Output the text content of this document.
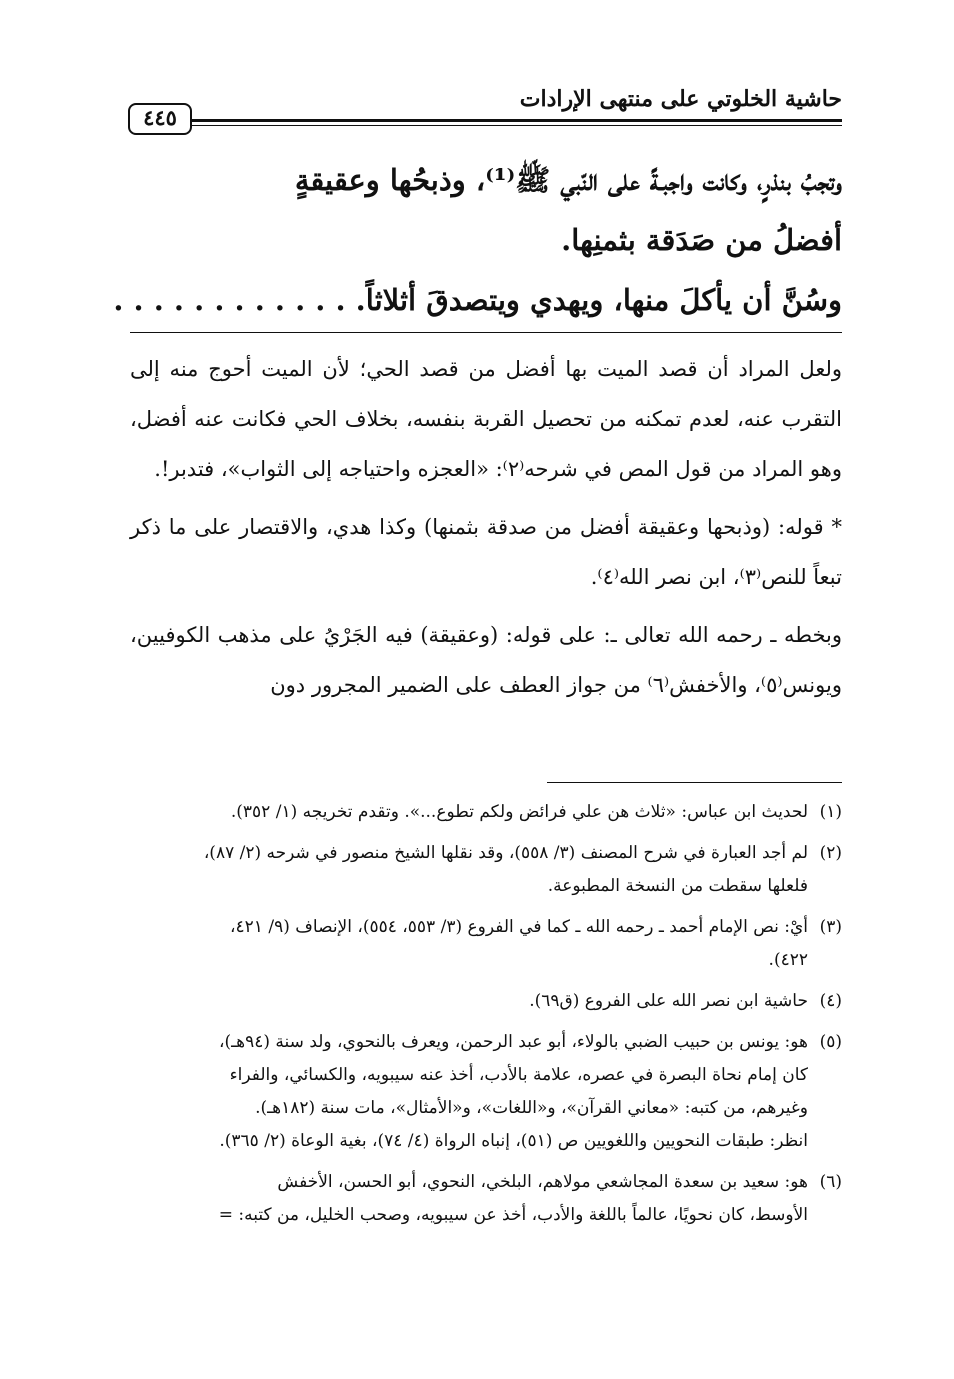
حاشية الخلوتي على منتهى الإرادات
٤٤٥
وتجبُ بنذرٍ، وكانت واجبـةً على النّبي ﷺ⁽¹⁾، وذبحُها وعقيقةٍ
أفضلُ من صَدَقة بثمنِها.
وسُنَّ أن يأكلَ منها، ويهدي ويتصدقَ أثلاثاً. . . . . . . . . . . . .

ولعل المراد أن قصد الميت بها أفضل من قصد الحي؛ لأن الميت أحوج منه إلى التقرب عنه، لعدم تمكنه من تحصيل القربة بنفسه، بخلاف الحي فكانت عنه أفضل، وهو المراد من قول المص في شرحه⁽٢⁾: «العجزه واحتياجه إلى الثواب»، فتدبر!.

* قوله: (وذبحها وعقيقة أفضل من صدقة بثمنها) وكذا هدي، والاقتصار على ما ذكر تبعاً للنص⁽٣⁾، ابن نصر الله⁽٤⁾.

وبخطه ـ رحمه الله تعالى ـ: على قوله: (وعقيقة) فيه الجَرْيُ على مذهب الكوفيين، ويونس⁽٥⁾، والأخفش⁽٦⁾ من جواز العطف على الضمير المجرور دون

(١)
لحديث ابن عباس: «ثلاث هن علي فرائض ولكم تطوع...». وتقدم تخريجه (١/ ٣٥٢).
(٢)
لم أجد العبارة في شرح المصنف (٣/ ٥٥٨)، وقد نقلها الشيخ منصور في شرحه (٢/ ٨٧)،
فلعلها سقطت من النسخة المطبوعة.
(٣)
أيْ: نص الإمام أحمد ـ رحمه الله ـ كما في الفروع (٣/ ٥٥٣، ٥٥٤)، الإنصاف (٩/ ٤٢١،
٤٢٢).
(٤)
حاشية ابن نصر الله على الفروع (ق٦٩).
(٥)
هو: يونس بن حبيب الضبي بالولاء، أبو عبد الرحمن، ويعرف بالنحوي، ولد سنة (٩٤هـ)،
كان إمام نحاة البصرة في عصره، علامة بالأدب، أخذ عنه سيبويه، والكسائي، والفراء
وغيرهم، من كتبه: «معاني القرآن»، و«اللغات»، و«الأمثال»، مات سنة (١٨٢هـ).
انظر: طبقات النحويين واللغويين ص (٥١)، إنباه الرواة (٤/ ٧٤)، بغية الوعاة (٢/ ٣٦٥).
(٦)
هو: سعيد بن سعدة المجاشعي مولاهم، البلخي، النحوي، أبو الحسن، الأخفش
الأوسط، كان نحويًا، عالماً باللغة والأدب، أخذ عن سيبويه، وصحب الخليل، من كتبه: =
